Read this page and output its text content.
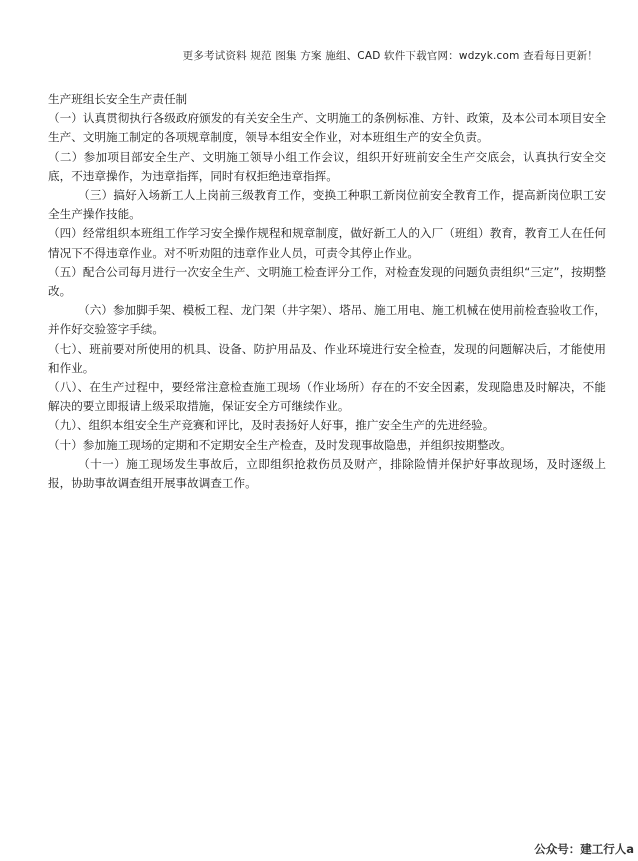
更多考试资料 规范 图集 方案 施组、CAD 软件下载官网：wdzyk.com 查看每日更新！
生产班组长安全生产责任制

（一）认真贯彻执行各级政府颁发的有关安全生产、文明施工的条例标准、方针、政策，及本公司本项目安全生产、文明施工制定的各项规章制度，领导本组安全作业，对本班组生产的安全负责。

（二）参加项目部安全生产、文明施工领导小组工作会议，组织开好班前安全生产交底会，认真执行安全交底，不违章操作，为违章指挥，同时有权拒绝违章指挥。

（三）搞好入场新工人上岗前三级教育工作，变换工种职工新岗位前安全教育工作，提高新岗位职工安全生产操作技能。

（四）经常组织本班组工作学习安全操作规程和规章制度，做好新工人的入厂（班组）教育，教育工人在任何情况下不得违章作业。对不听劝阻的违章作业人员，可责令其停止作业。

（五）配合公司每月进行一次安全生产、文明施工检查评分工作，对检查发现的问题负责组织“三定”，按期整改。

（六）参加脚手架、模板工程、龙门架（井字架）、塔吊、施工用电、施工机械在使用前检查验收工作，并作好交验签字手续。

（七）、班前要对所使用的机具、设备、防护用品及、作业环境进行安全检查，发现的问题解决后，才能使用和作业。

（八）、在生产过程中，要经常注意检查施工现场（作业场所）存在的不安全因素，发现隐患及时解决，不能解决的要立即报请上级采取措施，保证安全方可继续作业。

（九）、组织本组安全生产竞赛和评比，及时表扬好人好事，推广安全生产的先进经验。

（十）参加施工现场的定期和不定期安全生产检查，及时发现事故隐患，并组织按期整改。

（十一）施工现场发生事故后，立即组织抢救伤员及财产，排除险情并保护好事故现场，及时逐级上报，协助事故调查组开展事故调查工作。

公众号：建工行人a
